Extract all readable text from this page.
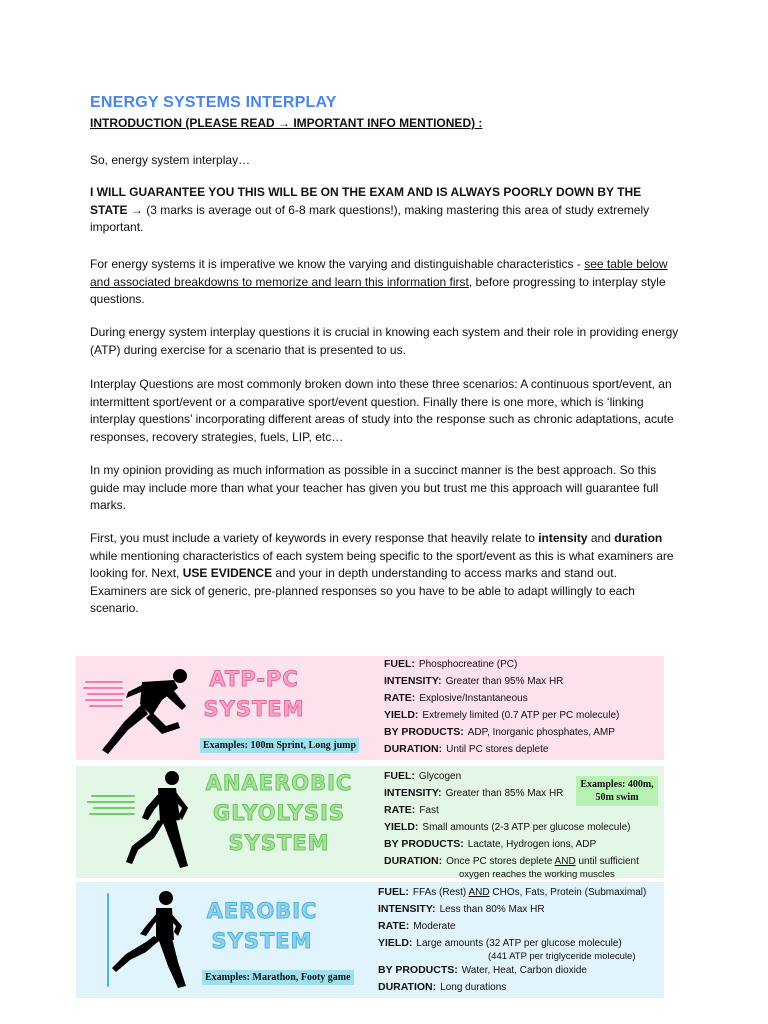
ENERGY SYSTEMS INTERPLAY
INTRODUCTION (PLEASE READ → IMPORTANT INFO MENTIONED) :

So, energy system interplay…

I WILL GUARANTEE YOU THIS WILL BE ON THE EXAM AND IS ALWAYS POORLY DOWN BY THE
STATE → (3 marks is average out of 6-8 mark questions!), making mastering this area of study extremely important.

For energy systems it is imperative we know the varying and distinguishable characteristics - see table below and associated breakdowns to memorize and learn this information first, before progressing to interplay style questions.

During energy system interplay questions it is crucial in knowing each system and their role in providing energy (ATP) during exercise for a scenario that is presented to us.

Interplay Questions are most commonly broken down into these three scenarios: A continuous sport/event, an intermittent sport/event or a comparative sport/event question. Finally there is one more, which is ‘linking interplay questions’ incorporating different areas of study into the response such as chronic adaptations, acute responses, recovery strategies, fuels, LIP, etc…

In my opinion providing as much information as possible in a succinct manner is the best approach. So this guide may include more than what your teacher has given you but trust me this approach will guarantee full marks.

First, you must include a variety of keywords in every response that heavily relate to intensity and duration while mentioning characteristics of each system being specific to the sport/event as this is what examiners are looking for. Next, USE EVIDENCE and your in depth understanding to access marks and stand out.
Examiners are sick of generic, pre-planned responses so you have to be able to adapt willingly to each scenario.

ATP-PC
SYSTEM
Examples: 100m Sprint, Long jump
FUEL: Phosphocreatine (PC)
INTENSITY: Greater than 95% Max HR
RATE: Explosive/Instantaneous
YIELD: Extremely limited (0.7 ATP per PC molecule)
BY PRODUCTS: ADP, Inorganic phosphates, AMP
DURATION: Until PC stores deplete
ANAEROBIC
GLYOLYSIS
SYSTEM
Examples: 400m,
50m swim
FUEL: Glycogen
INTENSITY: Greater than 85% Max HR
RATE: Fast
YIELD: Small amounts (2-3 ATP per glucose molecule)
BY PRODUCTS: Lactate, Hydrogen ions, ADP
DURATION: Once PC stores deplete AND until sufficient
oxygen reaches the working muscles
AEROBIC
SYSTEM
Examples: Marathon, Footy game
FUEL: FFAs (Rest) AND CHOs, Fats, Protein (Submaximal)
INTENSITY: Less than 80% Max HR
RATE: Moderate
YIELD: Large amounts (32 ATP per glucose molecule)
(441 ATP per triglyceride molecule)
BY PRODUCTS: Water, Heat, Carbon dioxide
DURATION: Long durations
